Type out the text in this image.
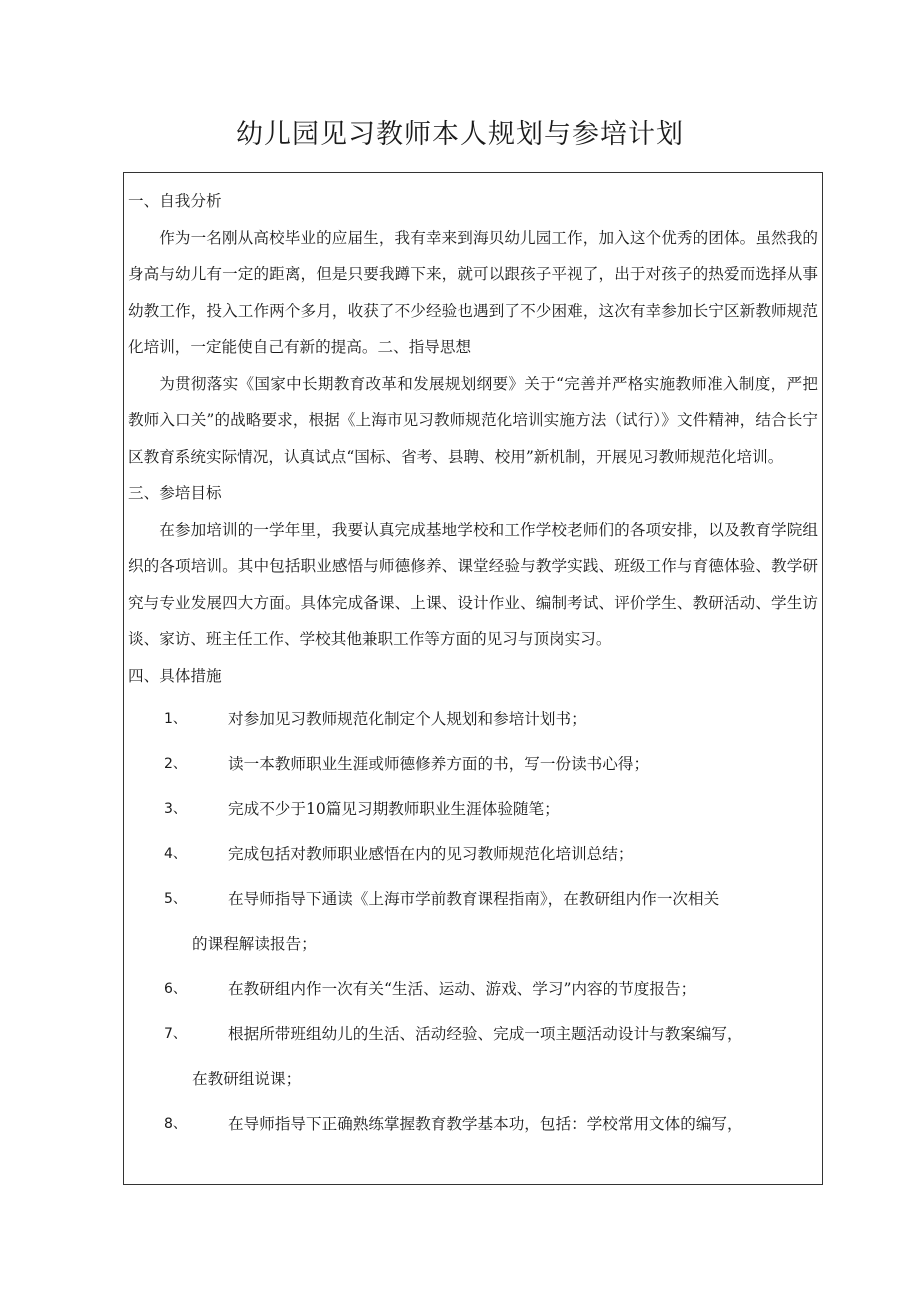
幼儿园见习教师本人规划与参培计划

一、自我分析

作为一名刚从高校毕业的应届生，我有幸来到海贝幼儿园工作，加入这个优秀的团体。虽然我的身高与幼儿有一定的距离，但是只要我蹲下来，就可以跟孩子平视了，出于对孩子的热爱而选择从事幼教工作，投入工作两个多月，收获了不少经验也遇到了不少困难，这次有幸参加长宁区新教师规范化培训，一定能使自己有新的提高。二、指导思想

为贯彻落实《国家中长期教育改革和发展规划纲要》关于“完善并严格实施教师准入制度，严把教师入口关”的战略要求，根据《上海市见习教师规范化培训实施方法（试行）》文件精神，结合长宁区教育系统实际情况，认真试点“国标、省考、县聘、校用”新机制，开展见习教师规范化培训。

三、参培目标

在参加培训的一学年里，我要认真完成基地学校和工作学校老师们的各项安排，以及教育学院组织的各项培训。其中包括职业感悟与师德修养、课堂经验与教学实践、班级工作与育德体验、教学研究与专业发展四大方面。具体完成备课、上课、设计作业、编制考试、评价学生、教研活动、学生访谈、家访、班主任工作、学校其他兼职工作等方面的见习与顶岗实习。

四、具体措施

1、	对参加见习教师规范化制定个人规划和参培计划书；
2、	读一本教师职业生涯或师德修养方面的书，写一份读书心得；
3、	完成不少于10篇见习期教师职业生涯体验随笔；
4、	完成包括对教师职业感悟在内的见习教师规范化培训总结；
5、	在导师指导下通读《上海市学前教育课程指南》，在教研组内作一次相关
的课程解读报告；
6、	在教研组内作一次有关“生活、运动、游戏、学习”内容的节度报告；
7、	根据所带班组幼儿的生活、活动经验、完成一项主题活动设计与教案编写，
在教研组说课；
8、	在导师指导下正确熟练掌握教育教学基本功，包括：学校常用文体的编写，
